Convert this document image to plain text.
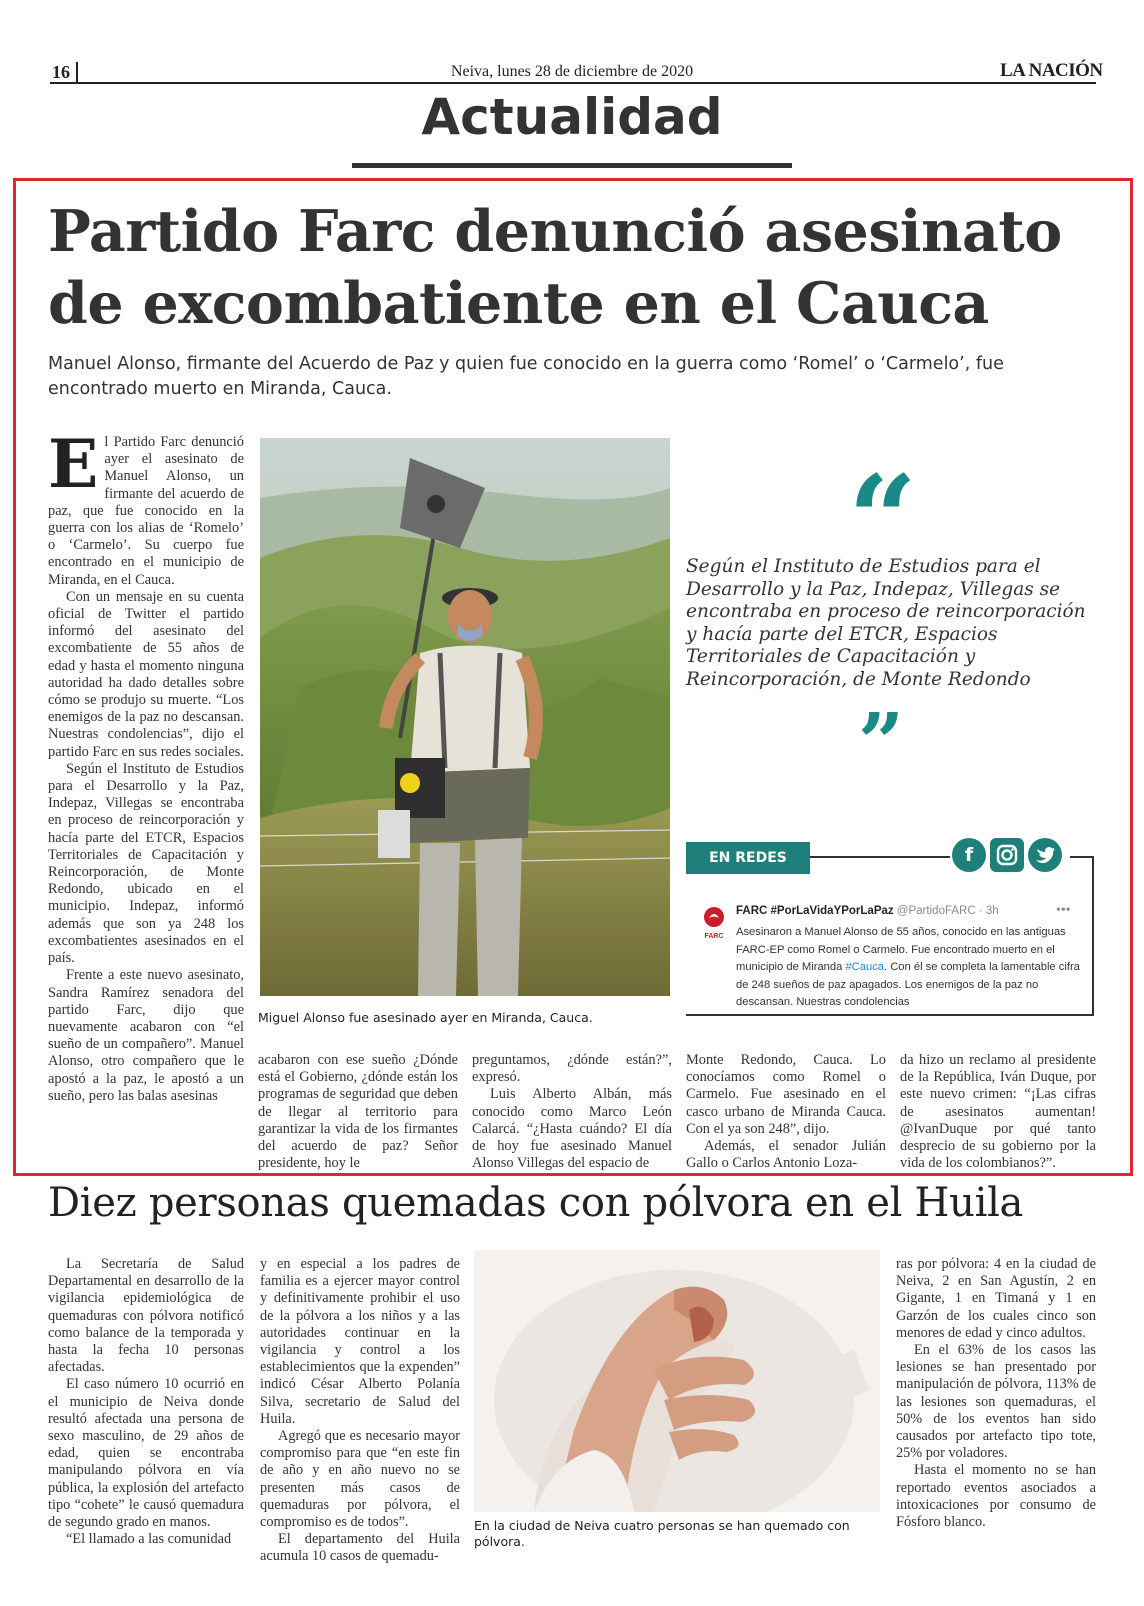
16	Neiva, lunes 28 de diciembre de 2020	LA NACIÓN
Actualidad
Partido Farc denunció asesinato
de excombatiente en el Cauca
Manuel Alonso, firmante del Acuerdo de Paz y quien fue conocido en la guerra como ‘Romel’ o ‘Carmelo’, fue encontrado muerto en Miranda, Cauca.

El Partido Farc denunció ayer el asesinato de Manuel Alonso, un firmante del acuerdo de paz, que fue conocido en la guerra con los alias de ‘Romelo’ o ‘Carmelo’. Su cuerpo fue encontrado en el municipio de Miranda, en el Cauca.

Con un mensaje en su cuenta oficial de Twitter el partido informó del asesinato del excombatiente de 55 años de edad y hasta el momento ninguna autoridad ha dado detalles sobre cómo se produjo su muerte. “Los enemigos de la paz no descansan. Nuestras condolencias”, dijo el partido Farc en sus redes sociales.

Según el Instituto de Estudios para el Desarrollo y la Paz, Indepaz, Villegas se encontraba en proceso de reincorporación y hacía parte del ETCR, Espacios Territoriales de Capacitación y Reincorporación, de Monte Redondo, ubicado en el municipio. Indepaz, informó además que son ya 248 los excombatientes asesinados en el país.

Frente a este nuevo asesinato, Sandra Ramírez senadora del partido Farc, dijo que nuevamente acabaron con “el sueño de un compañero”. Manuel Alonso, otro compañero que le apostó a la paz, le apostó a un sueño, pero las balas asesinas

Miguel Alonso fue asesinado ayer en Miranda, Cauca.

acabaron con ese sueño ¿Dónde está el Gobierno, ¿dónde están los programas de seguridad que deben de llegar al territorio para garantizar la vida de los firmantes del acuerdo de paz? Señor presidente, hoy le

preguntamos, ¿dónde están?”, expresó.

Luis Alberto Albán, más conocido como Marco León Calarcá. “¿Hasta cuándo? El día de hoy fue asesinado Manuel Alonso Villegas del espacio de

Monte Redondo, Cauca. Lo conocíamos como Romel o Carmelo. Fue asesinado en el casco urbano de Miranda Cauca. Con el ya son 248”, dijo.

Además, el senador Julián Gallo o Carlos Antonio Loza-

da hizo un reclamo al presidente de la República, Iván Duque, por este nuevo crimen: “¡Las cifras de asesinatos aumentan! @IvanDuque por qué tanto desprecio de su gobierno por la vida de los colombianos?”.

“
Según el Instituto de Estudios para el Desarrollo y la Paz, Indepaz, Villegas se encontraba en proceso de reincorporación y hacía parte del ETCR, Espacios Territoriales de Capacitación y Reincorporación, de Monte Redondo
”
EN REDES	f
FARC
FARC #PorLaVidaYPorLaPaz @PartidoFARC · 3h	•••
Asesinaron a Manuel Alonso de 55 años, conocido en las antiguas FARC-EP como Romel o Carmelo. Fue encontrado muerto en el municipio de Miranda #Cauca. Con él se completa la lamentable cifra de 248 sueños de paz apagados. Los enemigos de la paz no descansan. Nuestras condolencias
Diez personas quemadas con pólvora en el Huila

La Secretaría de Salud Departamental en desarrollo de la vigilancia epidemiológica de quemaduras con pólvora notificó como balance de la temporada y hasta la fecha 10 personas afectadas.

El caso número 10 ocurrió en el municipio de Neiva donde resultó afectada una persona de sexo masculino, de 29 años de edad, quien se encontraba manipulando pólvora en vía pública, la explosión del artefacto tipo “cohete” le causó quemadura de segundo grado en manos.

“El llamado a las comunidad

y en especial a los padres de familia es a ejercer mayor control y definitivamente prohibir el uso de la pólvora a los niños y a las autoridades continuar en la vigilancia y control a los establecimientos que la expenden” indicó César Alberto Polanía Silva, secretario de Salud del Huila.

Agregó que es necesario mayor compromiso para que “en este fin de año y en año nuevo no se presenten más casos de quemaduras por pólvora, el compromiso es de todos”.

El departamento del Huila acumula 10 casos de quemadu-

En la ciudad de Neiva cuatro personas se han quemado con pólvora.

ras por pólvora: 4 en la ciudad de Neiva, 2 en San Agustín, 2 en Gigante, 1 en Timaná y 1 en Garzón de los cuales cinco son menores de edad y cinco adultos.

En el 63% de los casos las lesiones se han presentado por manipulación de pólvora, 113% de las lesiones son quemaduras, el 50% de los eventos han sido causados por artefacto tipo tote, 25% por voladores.

Hasta el momento no se han reportado eventos asociados a intoxicaciones por consumo de Fósforo blanco.
